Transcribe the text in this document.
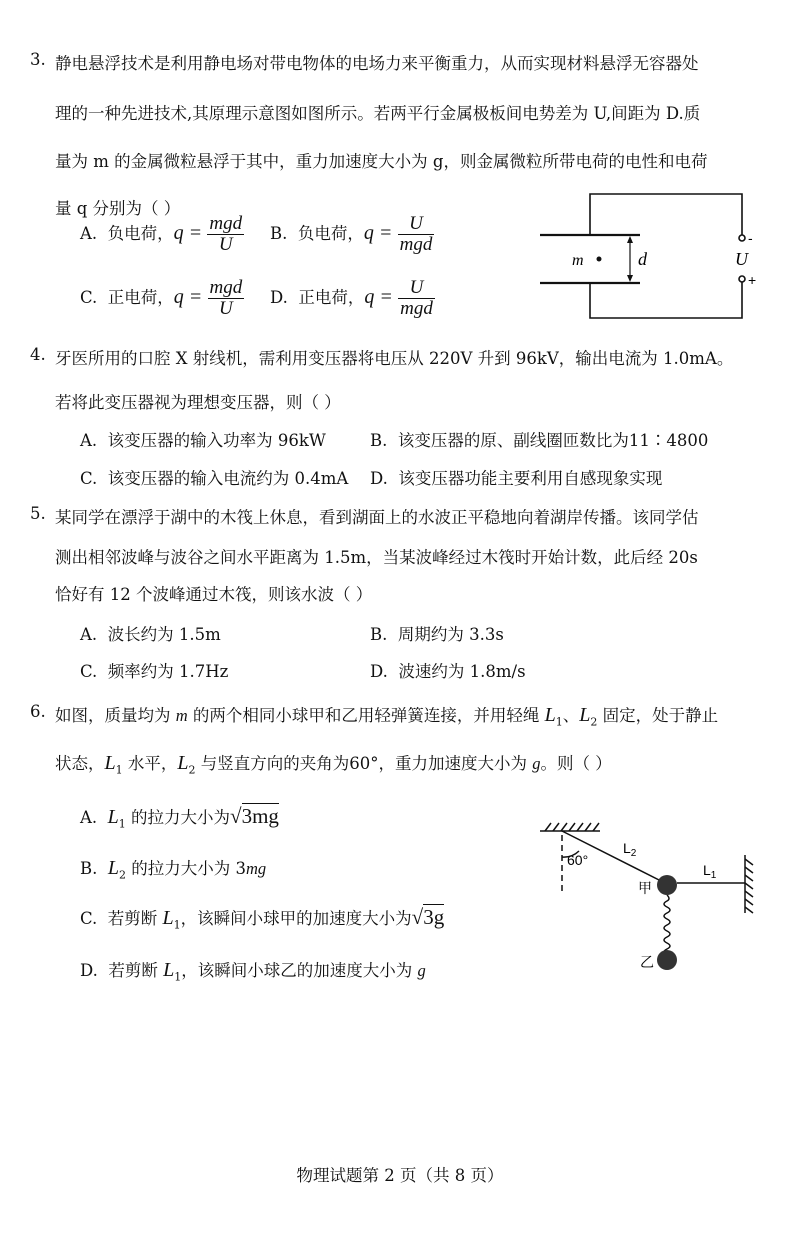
3. 静电悬浮技术是利用静电场对带电物体的电场力来平衡重力，从而实现材料悬浮无容器处
理的一种先进技术,其原理示意图如图所示。若两平行金属极板间电势差为 U,间距为 D.质
量为 m 的金属微粒悬浮于其中，重力加速度大小为 g，则金属微粒所带电荷的电性和电荷
量 q 分别为（ ）
A. 负电荷，$q = \frac{\text{mgd}}{U} B$. 负电荷，$q = \frac{U}{\text{mgd}}$
C. 正电荷，$q = \frac{\text{mgd}}{U} D$. 正电荷，$q = \frac{U}{\text{mgd}}$
m	d	U
-
+
4. 牙医所用的口腔 X 射线机，需利用变压器将电压从 220V 升到 96kV，输出电流为 1.0mA。
若将此变压器视为理想变压器，则（ ）
A. 该变压器的输入功率为 96kW	B. 该变压器的原、副线圈匝数比为11∶4800
C. 该变压器的输入电流约为 0.4mA D. 该变压器功能主要利用自感现象实现
5. 某同学在漂浮于湖中的木筏上休息，看到湖面上的水波正平稳地向着湖岸传播。该同学估
测出相邻波峰与波谷之间水平距离为 1.5m，当某波峰经过木筏时开始计数，此后经 20s
恰好有 12 个波峰通过木筏，则该水波（ ）
A. 波长约为 1.5m	B. 周期约为 3.3s
C. 频率约为 1.7Hz	D. 波速约为 1.8m/s
6. 如图，质量均为 m 的两个相同小球甲和乙用轻弹簧连接，并用轻绳 $L_1$、$L_2$ 固定，处于静止
状态，$L_1$ 水平，$L_2$ 与竖直方向的夹角为60°，重力加速度大小为 g。则（ ）
A. $L_1$ 的拉力大小为√3mg
B. $L_2$ 的拉力大小为 3mg
C. 若剪断 $L_1$，该瞬间小球甲的加速度大小为√3g
D. 若剪断 $L_1$，该瞬间小球乙的加速度大小为 g
60°
$L_2$
$L_1$
甲
乙
物理试题第 2 页（共 8 页）
